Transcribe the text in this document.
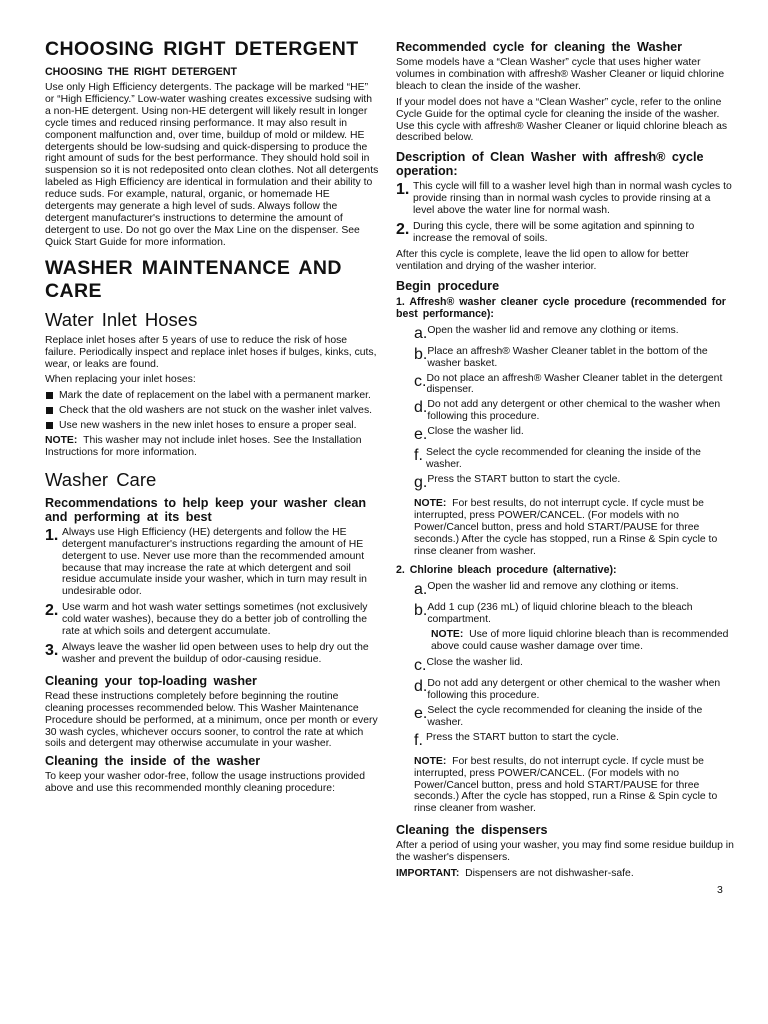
CHOOSING RIGHT DETERGENT
CHOOSING THE RIGHT DETERGENT

Use only High Efficiency detergents. The package will be marked “HE” or “High Efficiency.” Low-water washing creates excessive sudsing with a non-HE detergent. Using non-HE detergent will likely result in longer cycle times and reduced rinsing performance. It may also result in component malfunction and, over time, buildup of mold or mildew. HE detergents should be low-sudsing and quick-dispersing to produce the right amount of suds for the best performance. They should hold soil in suspension so it is not redeposited onto clean clothes. Not all detergents labeled as High Efficiency are identical in formulation and their ability to reduce suds. For example, natural, organic, or homemade HE detergents may generate a high level of suds. Always follow the detergent manufacturer's instructions to determine the amount of detergent to use. Do not go over the Max Line on the dispenser. See Quick Start Guide for more information.

WASHER MAINTENANCE AND CARE
Water Inlet Hoses

Replace inlet hoses after 5 years of use to reduce the risk of hose failure. Periodically inspect and replace inlet hoses if bulges, kinks, cuts, wear, or leaks are found.

When replacing your inlet hoses:

Mark the date of replacement on the label with a permanent marker.

Check that the old washers are not stuck on the washer inlet valves.

Use new washers in the new inlet hoses to ensure a proper seal.

NOTE: This washer may not include inlet hoses. See the Installation Instructions for more information.

Washer Care
Recommendations to help keep your washer clean and performing at its best
1. Always use High Efficiency (HE) detergents and follow the HE detergent manufacturer's instructions regarding the amount of HE detergent to use. Never use more than the recommended amount because that may increase the rate at which detergent and soil residue accumulate inside your washer, which in turn may result in undesirable odor.

2. Use warm and hot wash water settings sometimes (not exclusively cold water washes), because they do a better job of controlling the rate at which soils and detergent accumulate.

3. Always leave the washer lid open between uses to help dry out the washer and prevent the buildup of odor-causing residue.

Cleaning your top-loading washer

Read these instructions completely before beginning the routine cleaning processes recommended below. This Washer Maintenance Procedure should be performed, at a minimum, once per month or every 30 wash cycles, whichever occurs sooner, to control the rate at which soils and detergent may otherwise accumulate in your washer.

Cleaning the inside of the washer

To keep your washer odor-free, follow the usage instructions provided above and use this recommended monthly cleaning procedure:

Recommended cycle for cleaning the Washer

Some models have a “Clean Washer” cycle that uses higher water volumes in combination with affresh® Washer Cleaner or liquid chlorine bleach to clean the inside of the washer.

If your model does not have a “Clean Washer” cycle, refer to the online Cycle Guide for the optimal cycle for cleaning the inside of the washer. Use this cycle with affresh® Washer Cleaner or liquid chlorine bleach as described below.

Description of Clean Washer with affresh® cycle operation:
1. This cycle will fill to a washer level high than in normal wash cycles to provide rinsing than in normal wash cycles to provide rinsing at a level above the water line for normal wash.

2. During this cycle, there will be some agitation and spinning to increase the removal of soils.

After this cycle is complete, leave the lid open to allow for better ventilation and drying of the washer interior.

Begin procedure
1. Affresh® washer cleaner cycle procedure (recommended for best performance):
a. Open the washer lid and remove any clothing or items.

b. Place an affresh® Washer Cleaner tablet in the bottom of the washer basket.

c. Do not place an affresh® Washer Cleaner tablet in the detergent dispenser.

d. Do not add any detergent or other chemical to the washer when following this procedure.

e. Close the washer lid.

f. Select the cycle recommended for cleaning the inside of the washer.

g. Press the START button to start the cycle.

NOTE: For best results, do not interrupt cycle. If cycle must be interrupted, press POWER/CANCEL. (For models with no Power/Cancel button, press and hold START/PAUSE for three seconds.) After the cycle has stopped, run a Rinse & Spin cycle to rinse cleaner from washer.

2. Chlorine bleach procedure (alternative):
a. Open the washer lid and remove any clothing or items.

b. Add 1 cup (236 mL) of liquid chlorine bleach to the bleach compartment.

NOTE: Use of more liquid chlorine bleach than is recommended above could cause washer damage over time.

c. Close the washer lid.

d. Do not add any detergent or other chemical to the washer when following this procedure.

e. Select the cycle recommended for cleaning the inside of the washer.

f. Press the START button to start the cycle.

NOTE: For best results, do not interrupt cycle. If cycle must be interrupted, press POWER/CANCEL. (For models with no Power/Cancel button, press and hold START/PAUSE for three seconds.) After the cycle has stopped, run a Rinse & Spin cycle to rinse cleaner from washer.

Cleaning the dispensers

After a period of using your washer, you may find some residue buildup in the washer's dispensers.

IMPORTANT: Dispensers are not dishwasher-safe.

3
